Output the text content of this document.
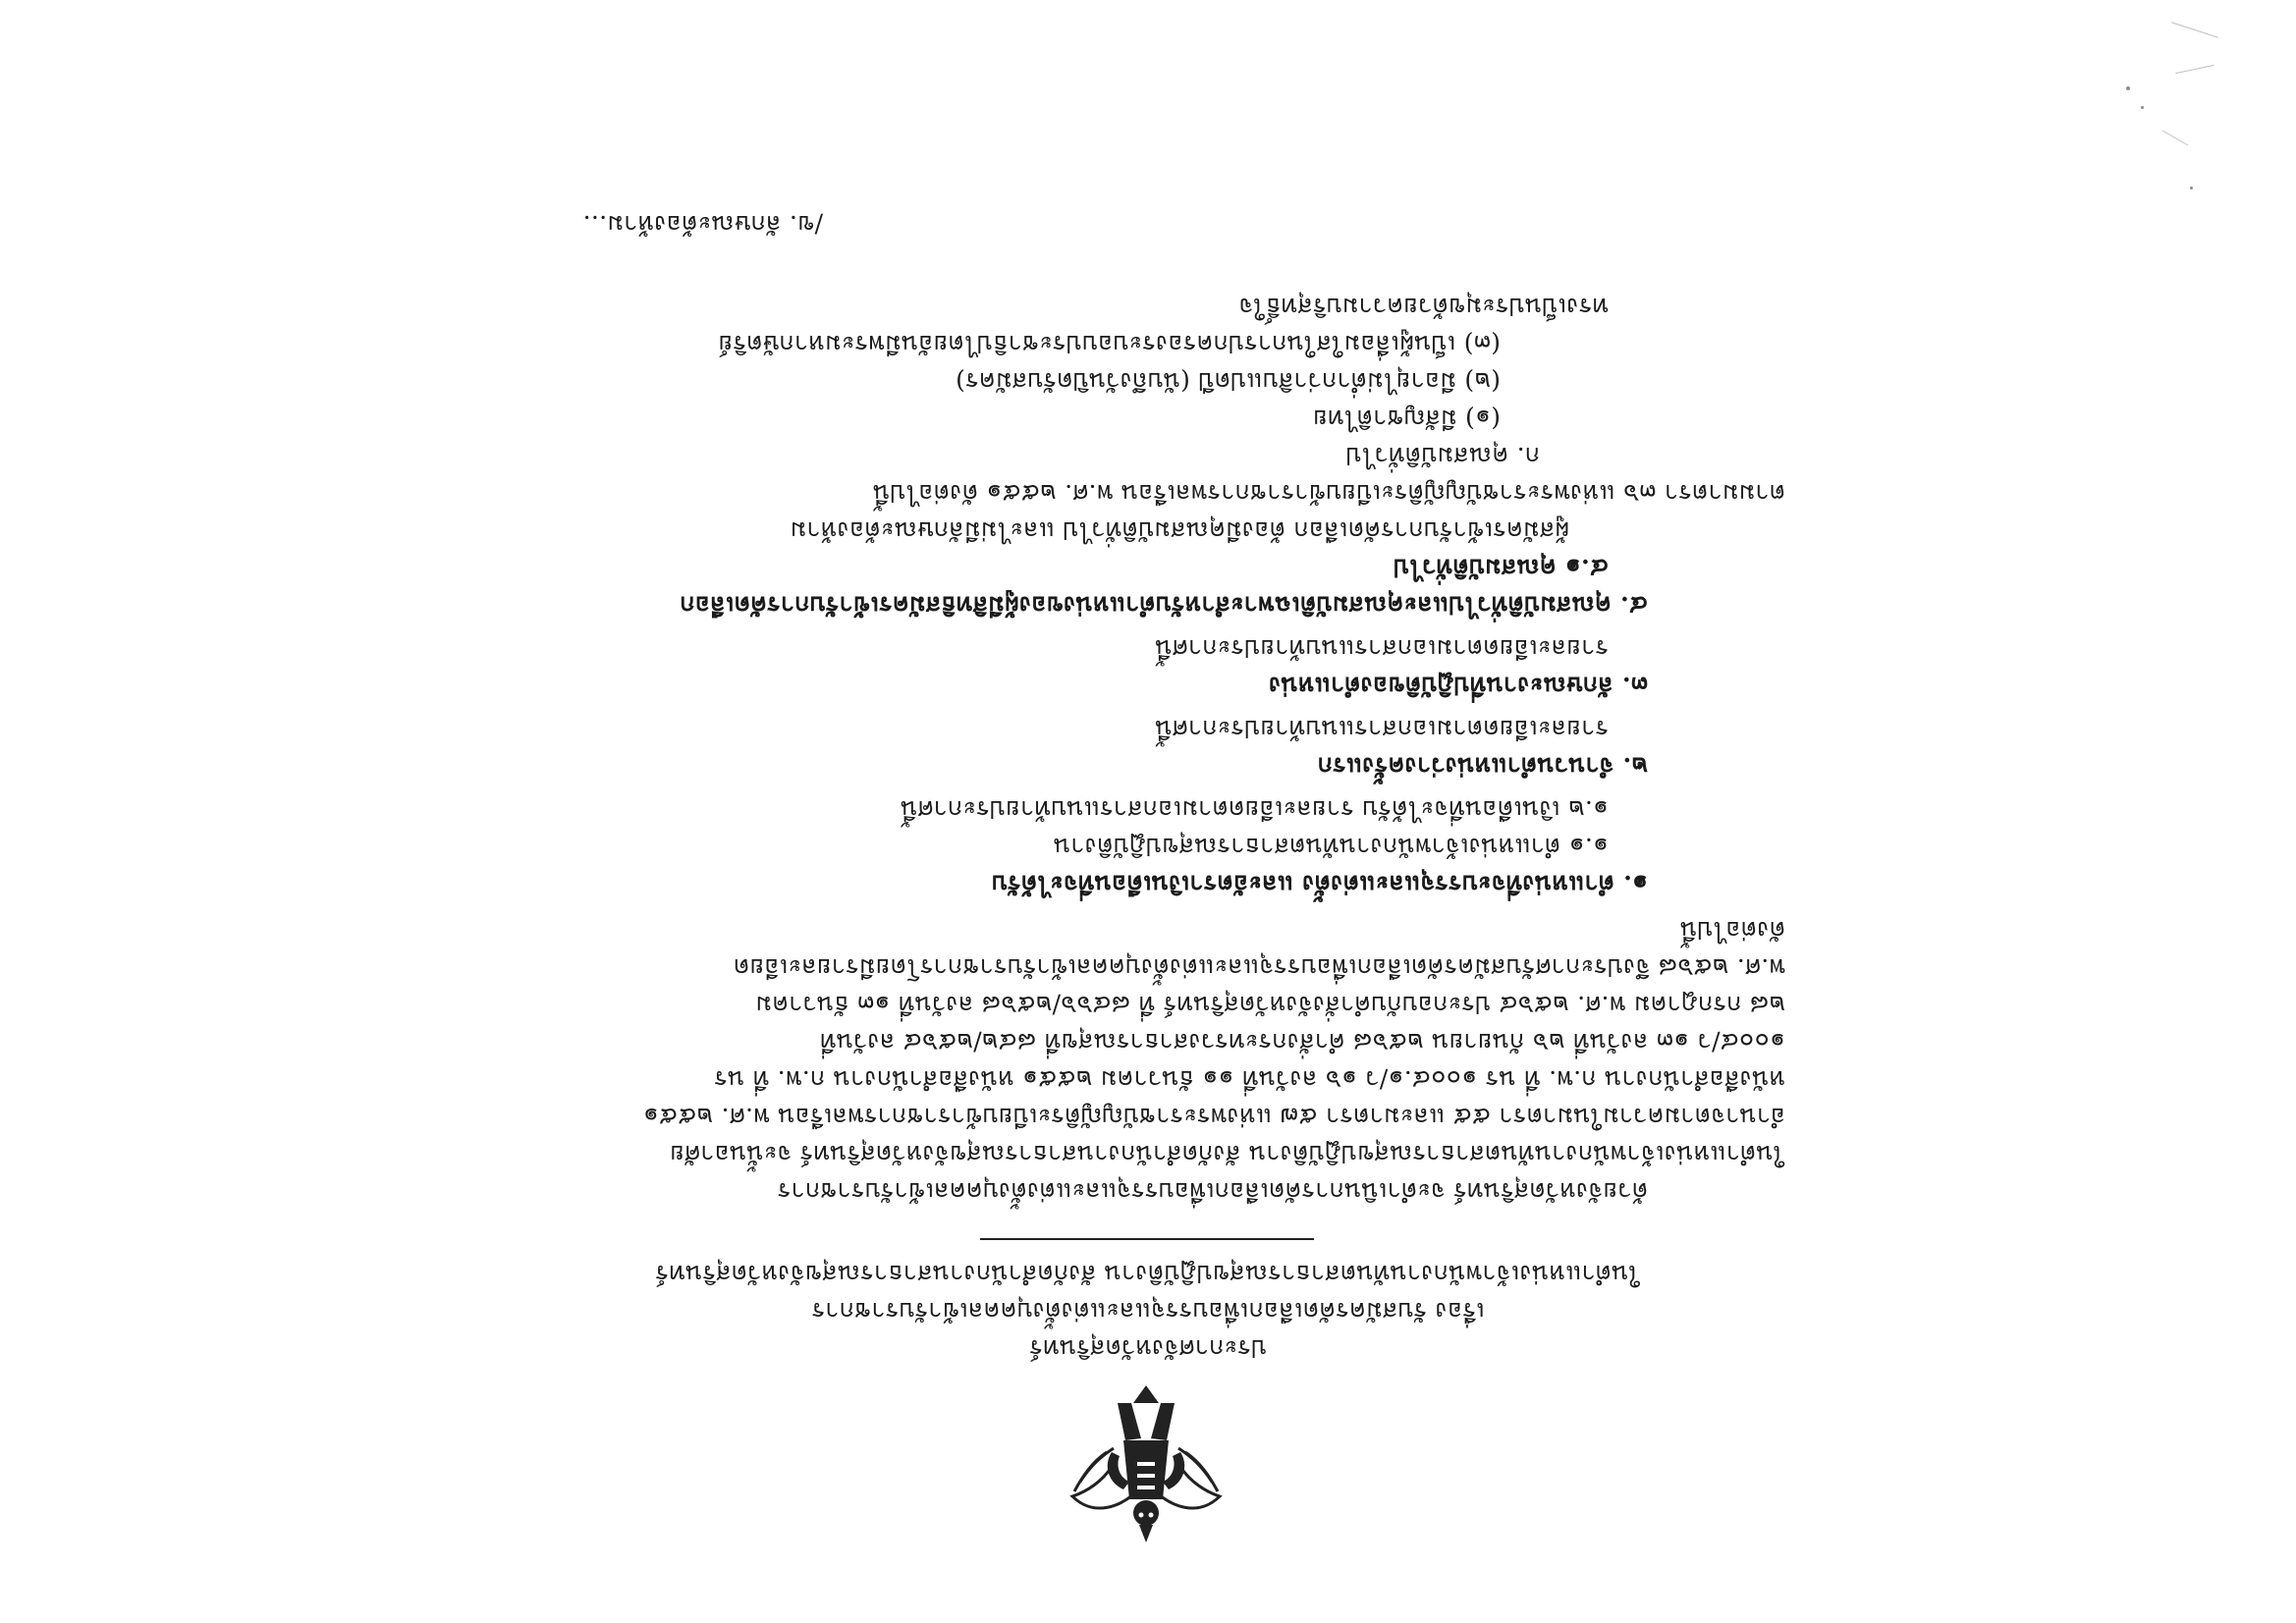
ประกาศจังหวัดสุรินทร์
เรื่อง รับสมัครคัดเลือกเพื่อบรรจุและแต่งตั้งบุคคลเข้ารับราชการ
ในตำแหน่งเจ้าพนักงานทันตสาธารณสุขปฏิบัติงาน สังกัดสำนักงานสาธารณสุขจังหวัดสุรินทร์
ด้วยจังหวัดสุรินทร์ จะดำเนินการคัดเลือกเพื่อบรรจุและแต่งตั้งบุคคลเข้ารับราชการ
ในตำแหน่งเจ้าพนักงานทันตสาธารณสุขปฏิบัติงาน สังกัดสำนักงานสาธารณสุขจังหวัดสุรินทร์ จะนั้นอาศัย
อำนาจตามความในมาตรา ๕๕ และมาตรา ๕๗ แห่งพระราชบัญญัติระเบียบข้าราชการพลเรือน พ.ศ. ๒๕๕๑
หนังสือสำนักงาน ก.พ. ที่ นร ๑๐๐๔.๑/ว ๑๖ ลงวันที่ ๑๑ ธันวาคม ๒๕๕๑ หนังสือสำนักงาน ก.พ. ที่ นร
๑๐๐๔/ว ๑๓ ลงวันที่ ๒๖ กันยายน ๒๕๖๘ คำสั่งกระทรวงสาธารณสุขที่ ๘๔๒/๒๕๖๔ ลงวันที่
๒๘ กรกฎาคม พ.ศ. ๒๕๖๔ ประกอบกับคำสั่งจังหวัดสุรินทร์ ที่ ๘๔๖๖/๒๕๖๘ ลงวันที่ ๑๓ ธันวาคม
พ.ศ. ๒๕๖๘ จึงประกาศรับสมัครคัดเลือกเพื่อบรรจุและแต่งตั้งบุคคลเข้ารับราชการโดยมีรายละเอียด
ดังต่อไปนี้
๑. ตำแหน่งที่จะบรรจุและแต่งตั้ง และอัตราเงินเดือนที่จะได้รับ
๑.๑ ตำแหน่งเจ้าพนักงานทันตสาธารณสุขปฏิบัติงาน
๑.๒ เงินเดือนที่จะได้รับ รายละเอียดตามเอกสารแนบท้ายประกาศนี้
๒. จำนวนตำแหน่งว่างครั้งแรก
รายละเอียดตามเอกสารแนบท้ายประกาศนี้
๓. ลักษณะงานที่ปฏิบัติของตำแหน่ง
รายละเอียดตามเอกสารแนบท้ายประกาศนี้
๔. คุณสมบัติทั่วไปและคุณสมบัติเฉพาะสำหรับตำแหน่งของผู้มีสิทธิสมัครเข้ารับการคัดเลือก
๔.๑ คุณสมบัติทั่วไป
ผู้สมัครเข้ารับการคัดเลือก ต้องมีคุณสมบัติทั่วไป และไม่มีลักษณะต้องห้าม
ตามมาตรา ๓๖ แห่งพระราชบัญญัติระเบียบข้าราชการพลเรือน พ.ศ. ๒๕๕๑ ดังต่อไปนี้
ก. คุณสมบัติทั่วไป
(๑) มีสัญชาติไทย
(๒) มีอายุไม่ต่ำกว่าสิบแปดปี (นับถึงวันปิดรับสมัคร)
(๓) เป็นผู้เลื่อมใสในการปกครองระบอบประชาธิปไตยอันมีพระมหากษัตริย์
ทรงเป็นประมุขด้วยความบริสุทธิ์ใจ
/ข. ลักษณะต้องห้าม...
